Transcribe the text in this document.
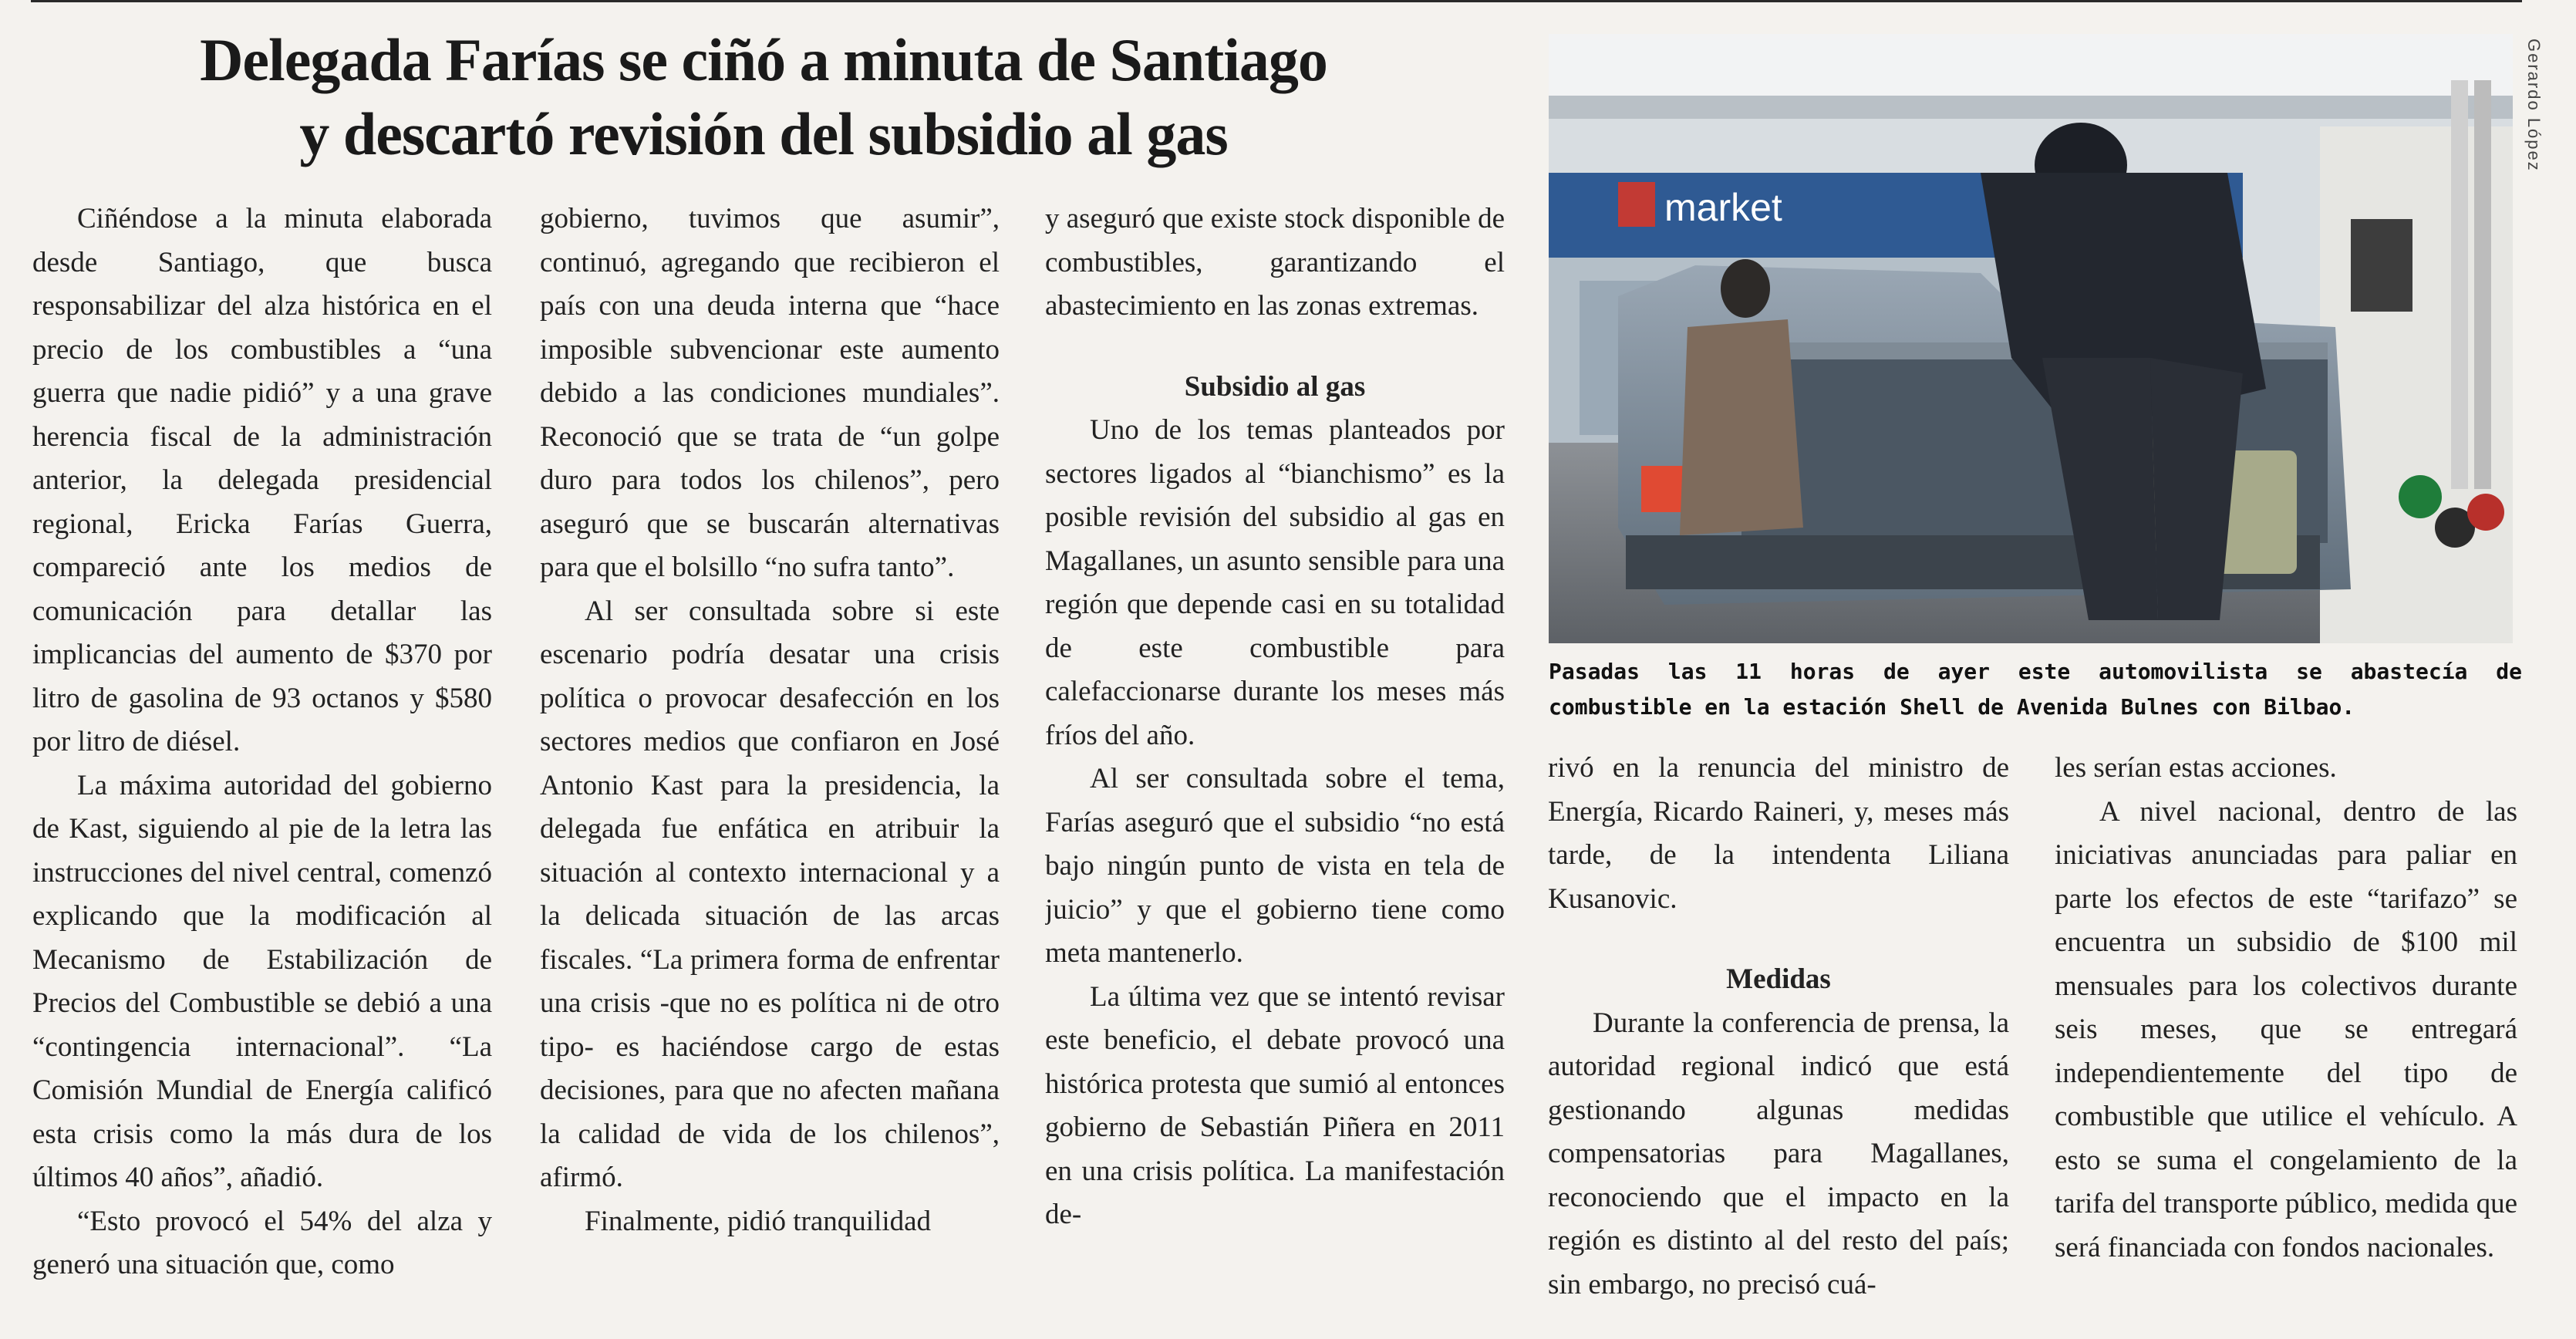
Delegada Farías se ciñó a minuta de Santiago
y descartó revisión del subsidio al gas

Ciñéndose a la minuta elaborada desde Santiago, que busca responsabilizar del alza histórica en el precio de los combustibles a “una guerra que nadie pidió” y a una grave herencia fiscal de la administración anterior, la delegada presidencial regional, Ericka Farías Guerra, compareció ante los medios de comunicación para detallar las implicancias del aumento de $370 por litro de gasolina de 93 octanos y $580 por litro de diésel.

La máxima autoridad del gobierno de Kast, siguiendo al pie de la letra las instrucciones del nivel central, comenzó explicando que la modificación al Mecanismo de Estabilización de Precios del Combustible se debió a una “contingencia internacional”. “La Comisión Mundial de Energía calificó esta crisis como la más dura de los últimos 40 años”, añadió.

“Esto provocó el 54% del alza y generó una situación que, como

gobierno, tuvimos que asumir”, continuó, agregando que recibieron el país con una deuda interna que “hace imposible subvencionar este aumento debido a las condiciones mundiales”. Reconoció que se trata de “un golpe duro para todos los chilenos”, pero aseguró que se buscarán alternativas para que el bolsillo “no sufra tanto”.

Al ser consultada sobre si este escenario podría desatar una crisis política o provocar desafección en los sectores medios que confiaron en José Antonio Kast para la presidencia, la delegada fue enfática en atribuir la situación al contexto internacional y a la delicada situación de las arcas fiscales. “La primera forma de enfrentar una crisis -que no es política ni de otro tipo- es haciéndose cargo de estas decisiones, para que no afecten mañana la calidad de vida de los chilenos”, afirmó.

Finalmente, pidió tranquilidad

y aseguró que existe stock disponible de combustibles, garantizando el abastecimiento en las zonas extremas.

Subsidio al gas

Uno de los temas planteados por sectores ligados al “bianchismo” es la posible revisión del subsidio al gas en Magallanes, un asunto sensible para una región que depende casi en su totalidad de este combustible para calefaccionarse durante los meses más fríos del año.

Al ser consultada sobre el tema, Farías aseguró que el subsidio “no está bajo ningún punto de vista en tela de juicio” y que el gobierno tiene como meta mantenerlo.

La última vez que se intentó revisar este beneficio, el debate provocó una histórica protesta que sumió al entonces gobierno de Sebastián Piñera en 2011 en una crisis política. La manifestación de-

market
Gerardo López
Pasadas las 11 horas de ayer este automovilista se abastecía de combustible en la estación Shell de Avenida Bulnes con Bilbao.

rivó en la renuncia del ministro de Energía, Ricardo Raineri, y, meses más tarde, de la intendenta Liliana Kusanovic.

Medidas

Durante la conferencia de prensa, la autoridad regional indicó que está gestionando algunas medidas compensatorias para Magallanes, reconociendo que el impacto en la región es distinto al del resto del país; sin embargo, no precisó cuá-

les serían estas acciones.

A nivel nacional, dentro de las iniciativas anunciadas para paliar en parte los efectos de este “tarifazo” se encuentra un subsidio de $100 mil mensuales para los colectivos durante seis meses, que se entregará independientemente del tipo de combustible que utilice el vehículo. A esto se suma el congelamiento de la tarifa del transporte público, medida que será financiada con fondos nacionales.
